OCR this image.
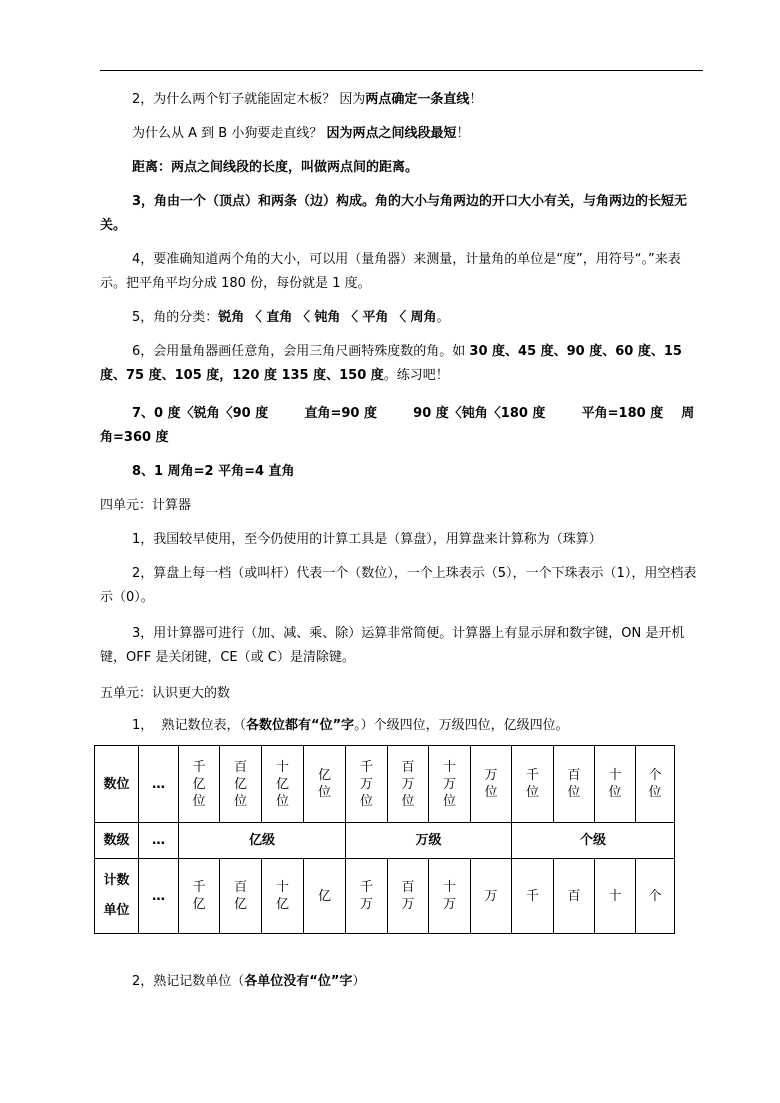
2，为什么两个钉子就能固定木板？ 因为两点确定一条直线！
为什么从 A 到 B 小狗要走直线？ 因为两点之间线段最短！
距离：两点之间线段的长度，叫做两点间的距离。
3，角由一个（顶点）和两条（边）构成。角的大小与角两边的开口大小有关，与角两边的长短无关。
4，要准确知道两个角的大小，可以用（量角器）来测量，计量角的单位是“度”，用符号“。”来表示。把平角平均分成 180 份，每份就是 1 度。
5，角的分类：锐角 〈 直角 〈 钝角 〈 平角 〈 周角。
6，会用量角器画任意角，会用三角尺画特殊度数的角。如 30 度、45 度、90 度、60 度、15 度、75 度、105 度，120 度 135 度、150 度。练习吧！
7、0 度〈锐角〈90 度        直角=90 度        90 度〈钝角〈180 度        平角=180 度    周角=360 度
8、1 周角=2 平角=4 直角
四单元：计算器
1，我国较早使用，至今仍使用的计算工具是（算盘），用算盘来计算称为（珠算）
2，算盘上每一档（或叫杆）代表一个（数位），一个上珠表示（5），一个下珠表示（1），用空档表示（0）。
3，用计算器可进行（加、减、乘、除）运算非常简便。计算器上有显示屏和数字键，ON 是开机键，OFF 是关闭键，CE（或 C）是清除键。
五单元：认识更大的数
1，  熟记数位表，（各数位都有“位”字。）个级四位，万级四位，亿级四位。
数位	…	千亿位	百亿位	十亿位	亿位	千万位	百万位	十万位	万位	千位	百位	十位	个位
数级	…	亿级				万级				个级			
计数
单位	…	千亿	百亿	十亿	亿	千万	百万	十万	万	千	百	十	个
2，熟记记数单位（各单位没有“位”字）
